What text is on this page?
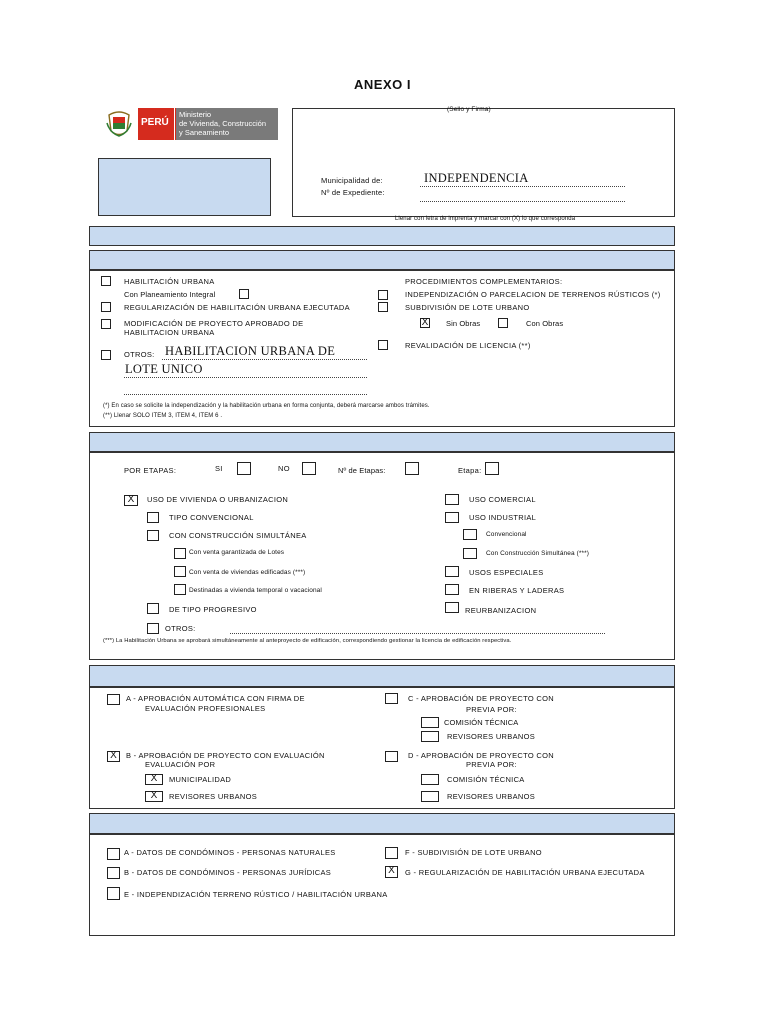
ANEXO I
PERÚ
Ministerio
de Vivienda, Construcción
y Saneamiento
(Sello y Firma)
Municipalidad de:	INDEPENDENCIA
Nº de Expediente:
Llenar con letra de imprenta y marcar con (X) lo que corresponda
HABILITACIÓN URBANA
Con Planeamiento Integral
REGULARIZACIÓN DE HABILITACIÓN URBANA EJECUTADA
MODIFICACIÓN DE PROYECTO APROBADO DE
HABILITACION URBANA
OTROS: HABILITACION URBANA DE
LOTE UNICO
PROCEDIMIENTOS COMPLEMENTARIOS:
INDEPENDIZACIÓN O PARCELACION DE TERRENOS RÚSTICOS (*)
SUBDIVISIÓN DE LOTE URBANO
X Sin Obras	Con Obras
REVALIDACIÓN DE LICENCIA (**)
(*) En caso se solicite la independización y la habilitación urbana en forma conjunta, deberá marcarse ambos trámites.
(**) Llenar SOLO ITEM 3, ITEM 4, ITEM 6 .
POR ETAPAS:	SI	NO	Nº de Etapas:	Etapa:
X	USO DE VIVIENDA O URBANIZACION
TIPO CONVENCIONAL
CON CONSTRUCCIÓN SIMULTÁNEA
Con venta garantizada de Lotes
Con venta de viviendas edificadas (***)
Destinadas a vivienda temporal o vacacional
DE TIPO PROGRESIVO
OTROS:
USO COMERCIAL
USO INDUSTRIAL
Convencional
Con Construcción Simultánea (***)
USOS ESPECIALES
EN RIBERAS Y LADERAS
REURBANIZACION
(***) La Habilitación Urbana se aprobará simultáneamente al anteproyecto de edificación, correspondiendo gestionar la licencia de edificación respectiva.
A - APROBACIÓN AUTOMÁTICA CON FIRMA DE
EVALUACIÓN PROFESIONALES
X	B - APROBACIÓN DE PROYECTO CON EVALUACIÓN
EVALUACIÓN POR
X	MUNICIPALIDAD
X	REVISORES URBANOS
C - APROBACIÓN DE PROYECTO CON
PREVIA POR:
COMISIÓN TÉCNICA
REVISORES URBANOS
D - APROBACIÓN DE PROYECTO CON
PREVIA POR:
COMISIÓN TÉCNICA
REVISORES URBANOS
A - DATOS DE CONDÓMINOS - PERSONAS NATURALES
B - DATOS DE CONDÓMINOS - PERSONAS JURÍDICAS
E - INDEPENDIZACIÓN TERRENO RÚSTICO / HABILITACIÓN URBANA
F - SUBDIVISIÓN DE LOTE URBANO
X	G - REGULARIZACIÓN DE HABILITACIÓN URBANA EJECUTADA
